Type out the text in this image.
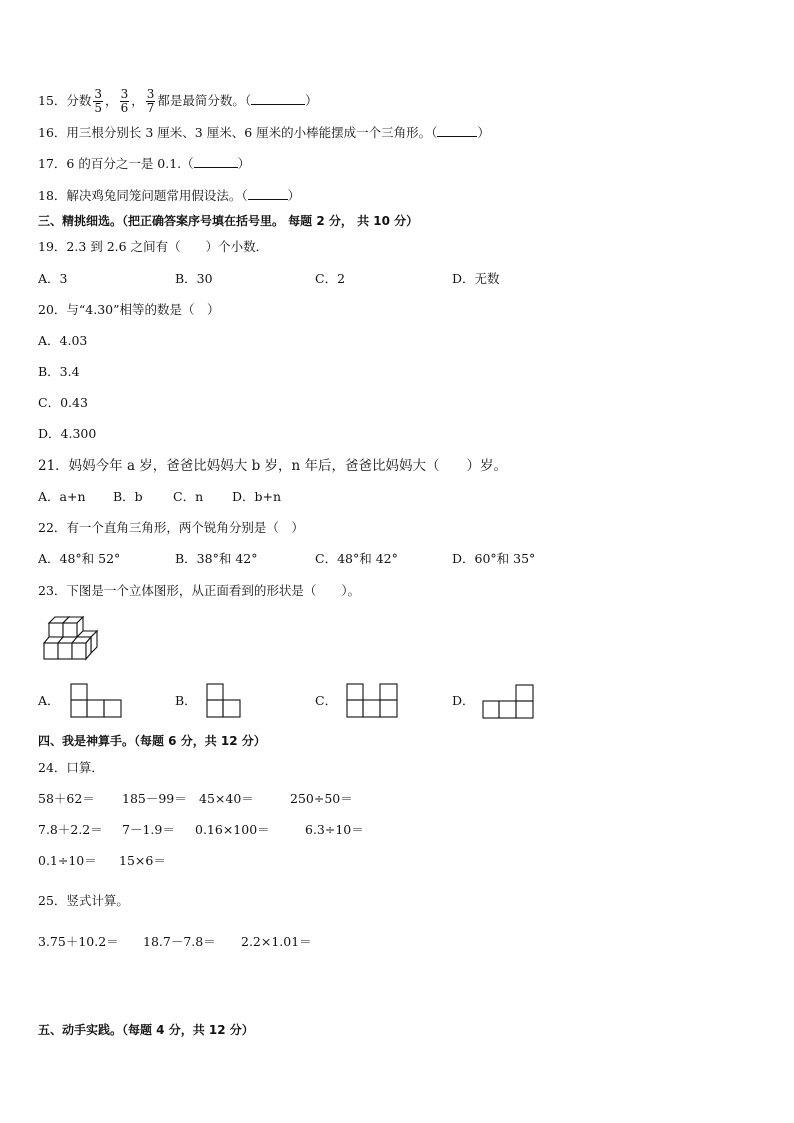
15．分数 $\frac{3}{5}$ ， $\frac{3}{6}$ ， $\frac{3}{7}$ 都是最简分数。（	）
16．用三根分别长 3 厘米、3 厘米、6 厘米的小棒能摆成一个三角形。（	）
17．6 的百分之一是 0.1.（	）
18．解决鸡兔同笼问题常用假设法。（	）
三、精挑细选。（把正确答案序号填在括号里。 每题 2 分， 共 10 分）
19．2.3 到 2.6 之间有（　　）个小数．
A．3	B．30	C．2	D．无数
20．与“4.30”相等的数是（　）
A．4.03
B．3.4
C．0.43
D．4.300
21．妈妈今年 a 岁，爸爸比妈妈大 b 岁，n 年后，爸爸比妈妈大（　　）岁。
A．a+n B．b C．n D．b+n
22．有一个直角三角形，两个锐角分别是（　）
A．48°和 52°	B．38°和 42°	C．48°和 42°	D．60°和 35°
23．下图是一个立体图形，从正面看到的形状是（　　）。
A．	B．	C．	D．
四、我是神算手。（每题 6 分，共 12 分）
24．口算．
58＋62＝ 185－99＝ 45×40＝	250÷50＝
7.8＋2.2＝ 7－1.9＝ 0.16×100＝	6.3÷10＝
0.1÷10＝ 15×6＝
25．竖式计算。
3.75＋10.2＝ 18.7－7.8＝ 2.2×1.01＝
五、动手实践。（每题 4 分，共 12 分）
